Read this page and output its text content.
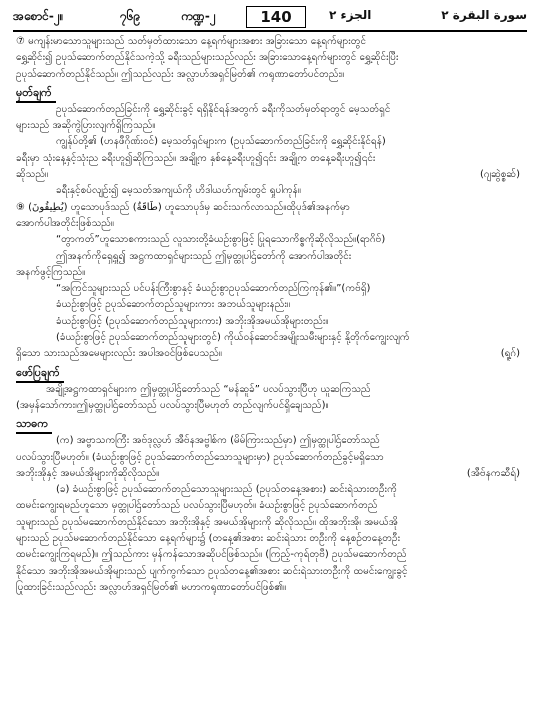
အစောင်-၂။	၇၆၉	ကဏ္ဍ-၂	140	الجزء ٢	سورة البقرة ٢
⑦ မကျန်းမာသောသူများသည် သတ်မှတ်ထားသော နေ့ရက်များအစား အခြားသော နေ့ရက်များတွင်
ရွှေ့ဆိုင်း၍ ဥပုသ်ဆောက်တည်နိုင်သကဲ့သို့ ခရီးသည်များသည်လည်း အခြားသောနေ့ရက်များတွင် ရွှေ့ဆိုင်းပြီး
ဥပုသ်ဆောက်တည်နိုင်သည်။ ဤသည်လည်း အလ္လာဟ်အရှင်မြတ်၏ ကရုဏာတော်ပင်တည်း။
မှတ်ချက်
ဥပုသ်ဆောက်တည်ခြင်းကို ရွှေ့ဆိုင်းခွင့် ရရှိနိုင်ရန်အတွက် ခရီးကိုသတ်မှတ်ရာတွင် မေ့သတ်ရှင်
များသည် အဆိုကွဲပြားလျက်ရှိကြသည်။
ကျွန်ုပ်တို့၏ (ဟနဖီဂိုဏ်းဝင်) မေ့သတ်ရှင်များက (ဥပုသ်ဆောက်တည်ခြင်းကို ရွှေ့ဆိုင်းနိုင်ရန်)
ခရီးမှာ သုံးနေ့နှင့်သုံးည ခရီးဟူ၍ဆိုကြသည်။ အချို့က နှစ်နေ့ခရီးဟူ၍၎င်း အချို့က တနေ့ခရီးဟူ၍၎င်း
ဆိုသည်။	(ဂျဆွဲစ္စဆ်)
ခရီးနှင့်စပ်လျဉ်း၍ မေ့သတ်အကျယ်ကို ဟိဒါယဟ်ကျမ်းတွင် ရှုပါကုန်။
⑨ (يُطِيقُونَ) ဟူသောပုဒ်သည် (طَاقَةٌ) ဟူသောပုဒ်မှ ဆင်းသက်လာသည်။ထိုပုဒ်၏အနက်မှာ
အောက်ပါအတိုင်းဖြစ်သည်။
“တွာကတ်”ဟူသောစကားသည် လူသားတို့ခံယဉ်းစွာဖြင့် ပြုရသောကိစ္စကိုဆိုလိုသည်။(ရာဂိဗ်)
ဤအနက်ကိုရှေ့ရှု၍ အဋ္ဌကထာရှင်များသည် ဤမှတ္ထုပါဌ်တော်ကို အောက်ပါအတိုင်း
အနက်ဖွင့်ကြသည်။
“အကြင်သူများသည် ပင်ပန်းကြီးစွာနှင့် ခံယဉ်းစွာဥပုသ်ဆောက်တည်ကြကုန်၏။”(ကဗ်ရှိ)
ခံယဉ်းစွာဖြင့် ဥပုသ်ဆောက်တည်သူများကား အဘယ်သူများနည်း။
ခံယဉ်းစွာဖြင့် (ဥပုသ်ဆောက်တည်သူများကား) အဘိုးအိုအမယ်အိုများတည်း။
(ခံယဉ်းစွာဖြင့် ဥပုသ်ဆောက်တည်သူများတွင်) ကိုယ်ဝန်ဆောင်အမျိုးသမီးများနှင့် နို့တိုက်ကျွေးလျက်
ရှိသော သားသည်အမေများလည်း အပါအဝင်ဖြစ်ပေသည်။	(ရူ့ဂ်)
ဖော်ပြချက်
အချို့အဋ္ဌကထာရှင်များက ဤမှတ္ထုပါဌ်တော်သည် “မန်ဆူခ်” ပလပ်သွားပြီဟု ယူဆကြသည်
(အမှန်သော်ကား၊ဤမှတ္ထုပါဌ်တော်သည် ပလပ်သွားပြီမဟုတ် တည်လျက်ပင်ရှိချေသည်)။
သာဓက
(က) အဗ္ဗာသကကြီး အဗ်ဒုလ္လဟ် အီဗ်နအဗ္ဗါစ်က (မိမ်ကြားသည်မှာ) ဤမှတ္ထုပါဌ်တော်သည်
ပလပ်သွားပြီမဟုတ်။ (ခံယဉ်းစွာဖြင့် ဥပုသ်ဆောက်တည်သောသူများမှာ) ဥပုသ်ဆောက်တည်ခွင့်မရှိသော
အဘိုးအိုနှင့် အမယ်အိုများကိုဆိုလိုသည်။	(အီဗ်နကဆီရ်)
(ခ) ခံယဉ်းစွာဖြင့် ဥပုသ်ဆောက်တည်သောသူများသည် (ဥပုသ်တနေ့အစား) ဆင်းရဲသားတဦးကို
ထမင်းကျွေးရမည်ဟူသော မှတ္ထုပါဌ်တော်သည် ပလပ်သွားပြီမဟုတ်။ ခံယဉ်းစွာဖြင့် ဥပုသ်ဆောက်တည်
သူများသည် ဥပုသ်မဆောက်တည်နိုင်သော အဘိုးအိုနှင့် အမယ်အိုများကို ဆိုလိုသည်။ ထိုအဘိုးအို၊ အမယ်အို
များသည် ဥပုသ်မဆောက်တည်နိုင်သော နေ့ရက်များ၌ (တနေ့၏အစား ဆင်းရဲသား တဦးကို နေ့စဉ်တနေ့တဦး
ထမင်းကျွေးကြရမည်)။ ဤသည်ကား မှန်ကန်သောအဆိုပင်ဖြစ်သည်။ (ကြည့်-ကုရ်တုဗီ) ဥပုသ်မဆောက်တည်
နိုင်သော အဘိုးအိုအမယ်အိုများသည် ပျက်ကွက်သော ဥပုသ်တနေ့၏အစား ဆင်းရဲသားတဦးကို ထမင်းကျွေးခွင့်
ပြုထားခြင်းသည်လည်း အလ္လာဟ်အရှင်မြတ်၏ မဟာကရုဏာတော်ပင်ဖြစ်၏။
